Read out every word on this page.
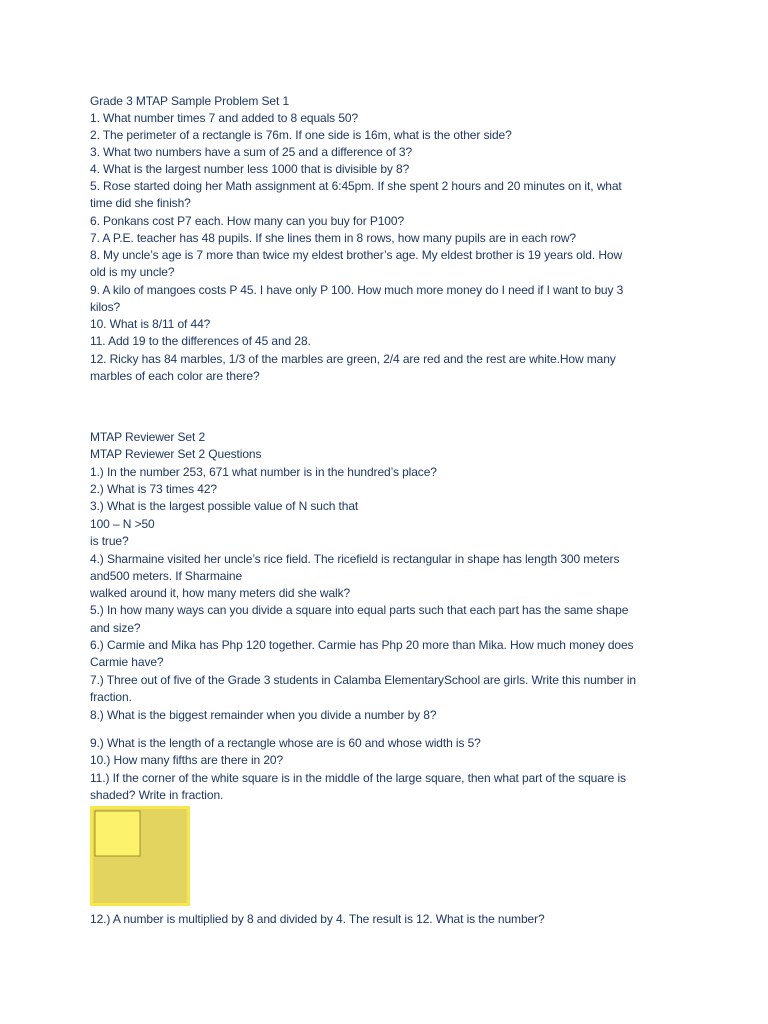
Grade 3 MTAP Sample Problem Set 1
1. What number times 7 and added to 8 equals 50?
2. The perimeter of a rectangle is 76m. If one side is 16m, what is the other side?
3. What two numbers have a sum of 25 and a difference of 3?
4. What is the largest number less 1000 that is divisible by 8?
5. Rose started doing her Math assignment at 6:45pm. If she spent 2 hours and 20 minutes on it, what
time did she finish?
6. Ponkans cost P7 each. How many can you buy for P100?
7. A P.E. teacher has 48 pupils. If she lines them in 8 rows, how many pupils are in each row?
8. My uncle’s age is 7 more than twice my eldest brother’s age. My eldest brother is 19 years old. How
old is my uncle?
9. A kilo of mangoes costs P 45. I have only P 100. How much more money do I need if I want to buy 3
kilos?
10. What is 8/11 of 44?
11. Add 19 to the differences of 45 and 28.
12. Ricky has 84 marbles, 1/3 of the marbles are green, 2/4 are red and the rest are white.How many
marbles of each color are there?
MTAP Reviewer Set 2
MTAP Reviewer Set 2 Questions
1.) In the number 253, 671 what number is in the hundred’s place?
2.) What is 73 times 42?
3.) What is the largest possible value of N such that
100 – N >50
is true?
4.) Sharmaine visited her uncle’s rice field. The ricefield is rectangular in shape has length 300 meters
and500 meters. If Sharmaine
walked around it, how many meters did she walk?
5.) In how many ways can you divide a square into equal parts such that each part has the same shape
and size?
6.) Carmie and Mika has Php 120 together. Carmie has Php 20 more than Mika. How much money does
Carmie have?
7.) Three out of five of the Grade 3 students in Calamba ElementarySchool are girls. Write this number in
fraction.
8.) What is the biggest remainder when you divide a number by 8?
9.) What is the length of a rectangle whose are is 60 and whose width is 5?
10.) How many fifths are there in 20?
11.) If the corner of the white square is in the middle of the large square, then what part of the square is
shaded? Write in fraction.
12.) A number is multiplied by 8 and divided by 4. The result is 12. What is the number?
